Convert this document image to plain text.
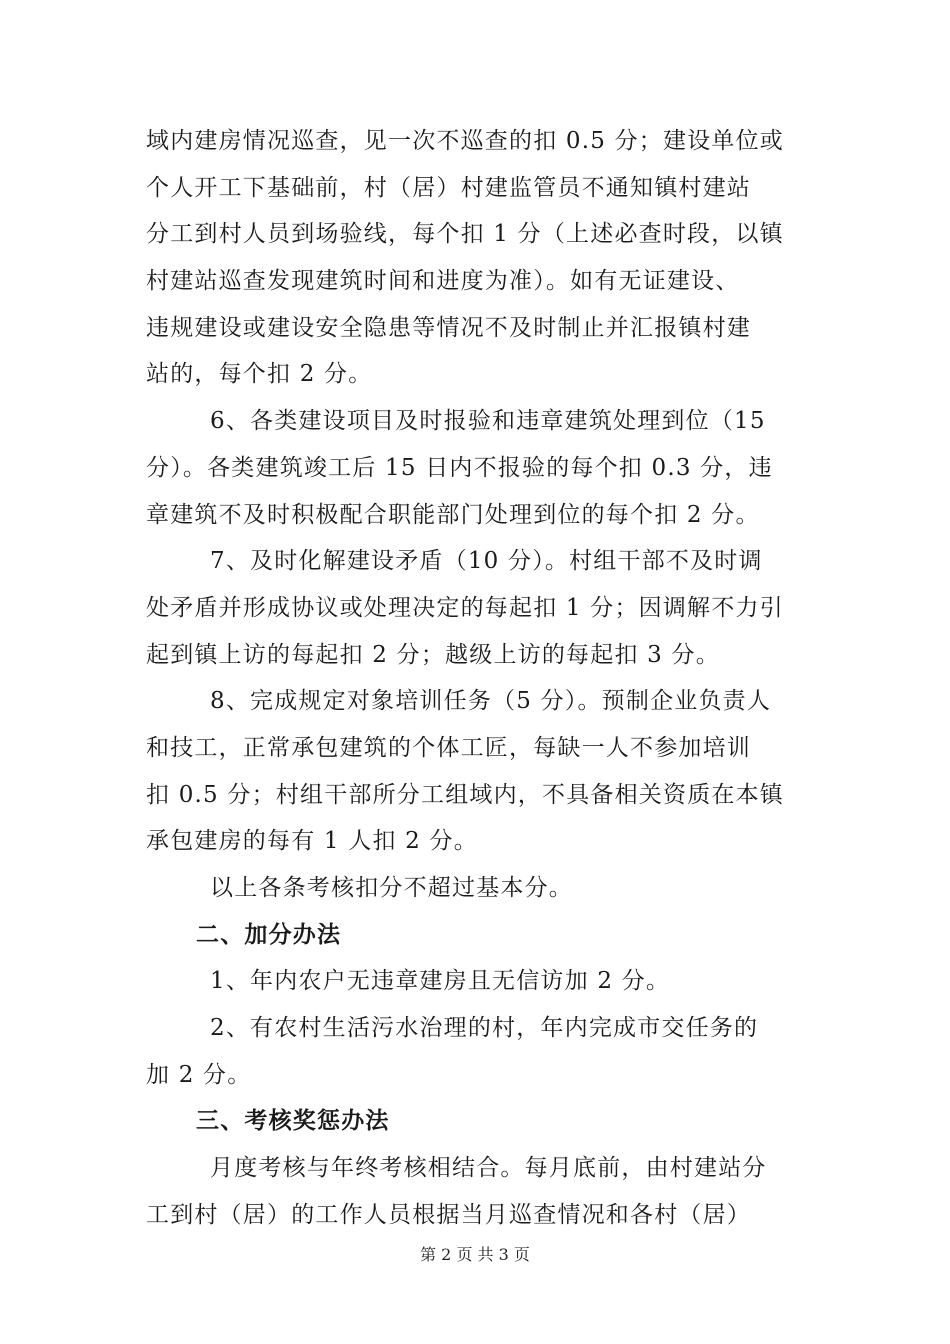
域内建房情况巡查，见一次不巡查的扣 0.5 分；建设单位或
个人开工下基础前，村（居）村建监管员不通知镇村建站
分工到村人员到场验线，每个扣 1 分（上述必查时段，以镇
村建站巡查发现建筑时间和进度为准）。如有无证建设、
违规建设或建设安全隐患等情况不及时制止并汇报镇村建
站的，每个扣 2 分。
6、各类建设项目及时报验和违章建筑处理到位（15
分）。各类建筑竣工后 15 日内不报验的每个扣 0.3 分，违
章建筑不及时积极配合职能部门处理到位的每个扣 2 分。
7、及时化解建设矛盾（10 分）。村组干部不及时调
处矛盾并形成协议或处理决定的每起扣 1 分；因调解不力引
起到镇上访的每起扣 2 分；越级上访的每起扣 3 分。
8、完成规定对象培训任务（5 分）。预制企业负责人
和技工，正常承包建筑的个体工匠，每缺一人不参加培训
扣 0.5 分；村组干部所分工组域内，不具备相关资质在本镇
承包建房的每有 1 人扣 2 分。
以上各条考核扣分不超过基本分。
二、加分办法
1、年内农户无违章建房且无信访加 2 分。
2、有农村生活污水治理的村，年内完成市交任务的
加 2 分。
三、考核奖惩办法
月度考核与年终考核相结合。每月底前，由村建站分
工到村（居）的工作人员根据当月巡查情况和各村（居）
第 2 页 共 3 页
